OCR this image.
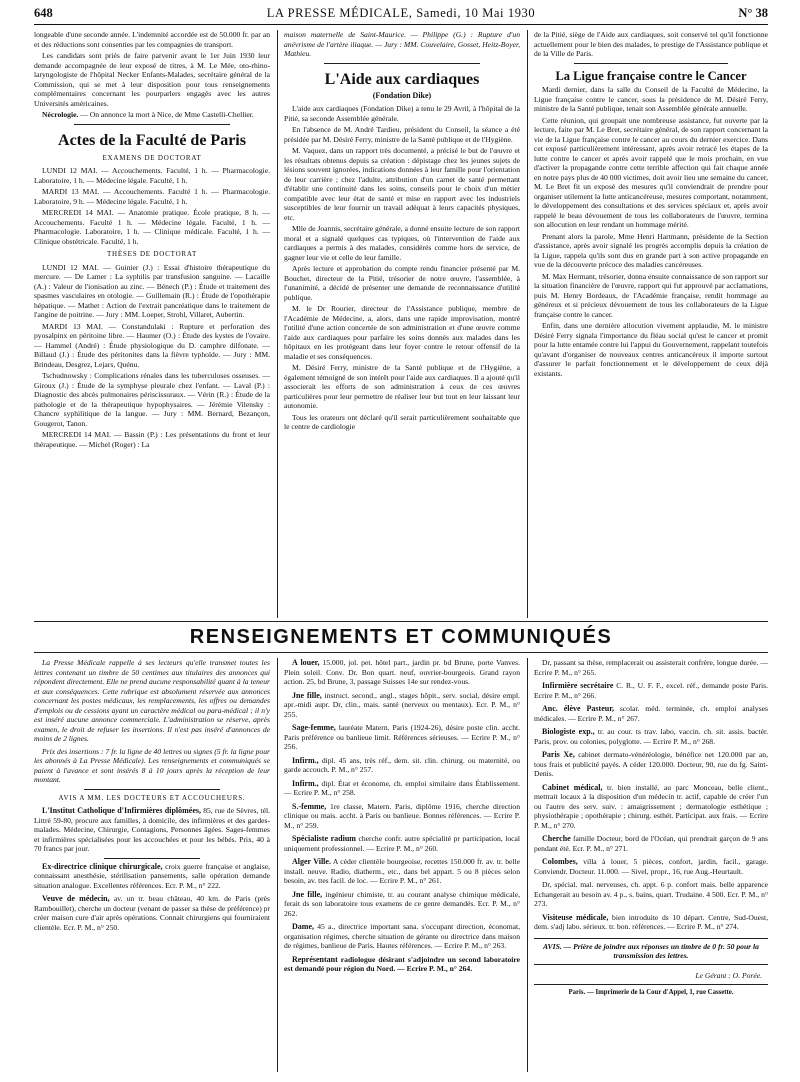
648	LA PRESSE MÉDICALE, Samedi, 10 Mai 1930	N° 38

longeable d'une seconde année. L'indemnité accordée est de 50.000 fr. par an et des réductions sont consenties par les compagnies de transport.

Les candidats sont priés de faire parvenir avant le 1er Juin 1930 leur demande accompagnée de leur exposé de titres, à M. Le Mée, oto-rhino-laryngologiste de l'hôpital Necker Enfants-Malades, secrétaire général de la Commission, qui se met à leur disposition pour tous renseignements complémentaires concernant les pourparlers engagés avec les autres Universités américaines.

Nécrologie. — On annonce la mort à Nice, de Mme Castelli-Chellier.

Actes de la Faculté de Paris
EXAMENS DE DOCTORAT

LUNDI 12 MAI. — Accouchements. Faculté, 1 h. — Pharmacologie. Laboratoire, 1 h. — Médecine légale. Faculté, 1 h.

MARDI 13 MAI. — Accouchements. Faculté 1 h. — Pharmacologie. Laboratoire, 9 h. — Médecine légale. Faculté, 1 h.

MERCREDI 14 MAI. — Anatomie pratique. École pratique, 8 h. — Accouchements. Faculté 1 h. — Médecine légale. Faculté, 1 h. — Pharmacologie. Laboratoire, 1 h. — Clinique médicale. Faculté, 1 h. — Clinique obstétricale. Faculté, 1 h.

THÈSES DE DOCTORAT

LUNDI 12 MAI. — Guinier (J.) : Essai d'histoire thérapeutique du mercure. — De Lamer : La syphilis par transfusion sanguine. — Lacaille (A.) : Valeur de l'ionisation au zinc. — Bénech (P.) : Étude et traitement des spasmes vasculaires en otologie. — Guillemain (R.) : Étude de l'opothérapie hépatique. — Mathet : Action de l'extrait pancréatique dans le traitement de l'angine de poitrine. — Jury : MM. Loeper, Strohl, Villaret, Aubertin.

MARDI 13 MAI. — Constandulaki : Rupture et perforation des pyosalpinx en péritoine libre. — Haumer (O.) : Étude des kystes de l'ovaire. — Hammel (André) : Étude physiologique du D. camphre dilfonate. — Billaud (J.) : Étude des péritonites dans la fièvre typhoïde. — Jury : MM. Brindeau, Desgrez, Lejars, Quénu.

Tschudnowsky : Complications rénales dans les tuberculoses osseuses. — Giroux (J.) : Étude de la symphyse pleurale chez l'enfant. — Laval (P.) : Diagnostic des abcès pulmonaires périscissuraux. — Vérin (R.) : Étude de la pathologie et de la thérapeutique hypophysaires. — Jérémie Vilensky : Chancre syphilitique de la langue. — Jury : MM. Bernard, Bezançon, Gougerot, Tanon.

MERCREDI 14 MAI. — Bassin (P.) : Les présentations du front et leur thérapeutique. — Michel (Roger) : La

maison maternelle de Saint-Maurice. — Philippe (G.) : Rupture d'un anévrisme de l'artère iliaque. — Jury : MM. Couvelaire, Gosset, Heitz-Boyer, Mathieu.

L'Aide aux cardiaques
(Fondation Dike)

L'aide aux cardiaques (Fondation Dike) a tenu le 29 Avril, à l'hôpital de la Pitié, sa seconde Assemblée générale.

En l'absence de M. André Tardieu, président du Conseil, la séance a été présidée par M. Désiré Ferry, ministre de la Santé publique et de l'Hygiène.

M. Vaquez, dans un rapport très documenté, a précisé le but de l'œuvre et les résultats obtenus depuis sa création : dépistage chez les jeunes sujets de lésions souvent ignorées, indications données à leur famille pour l'orientation de leur carrière ; chez l'adulte, attribution d'un carnet de santé permettant d'établir une continuité dans les soins, conseils pour le choix d'un métier compatible avec leur état de santé et mise en rapport avec les industriels susceptibles de leur fournir un travail adéquat à leurs capacités physiques, etc.

Mlle de Joannis, secrétaire générale, a donné ensuite lecture de son rapport moral et a signalé quelques cas typiques, où l'intervention de l'aide aux cardiaques a permis à des malades, considérés comme hors de service, de gagner leur vie et celle de leur famille.

Après lecture et approbation du compte rendu financier présenté par M. Bouchet, directeur de la Pitié, trésorier de notre œuvre, l'assemblée, à l'unanimité, a décidé de présenter une demande de reconnaissance d'utilité publique.

M. le Dr Rourier, directeur de l'Assistance publique, membre de l'Académie de Médecine, a, alors, dans une rapide improvisation, montré l'utilité d'une action concertée de son administration et d'une œuvre comme l'aide aux cardiaques pour parfaire les soins donnés aux malades dans les hôpitaux en les protégeant dans leur foyer contre le retour offensif de la maladie et ses conséquences.

M. Désiré Ferry, ministre de la Santé publique et de l'Hygiène, a également témoigné de son intérêt pour l'aide aux cardiaques. Il a ajouté qu'il associerait les efforts de son administration à ceux de ces œuvres particulières pour leur permettre de réaliser leur but tout en leur laissant leur autonomie.

Tous les orateurs ont déclaré qu'il serait particulièrement souhaitable que le centre de cardiologie

de la Pitié, siège de l'Aide aux cardiaques, soit conservé tel qu'il fonctionne actuellement pour le bien des malades, le prestige de l'Assistance publique et de la Ville de Paris.

La Ligue française contre le Cancer

Mardi dernier, dans la salle du Conseil de la Faculté de Médecine, la Ligue française contre le cancer, sous la présidence de M. Désiré Ferry, ministre de la Santé publique, tenait son Assemblée générale annuelle.

Cette réunion, qui groupait une nombreuse assistance, fut ouverte par la lecture, faite par M. Le Bret, secrétaire général, de son rapport concernant la vie de la Ligue française contre le cancer au cours du dernier exercice. Dans cet exposé particulièrement intéressant, après avoir retracé les étapes de la lutte contre le cancer et après avoir rappelé que le mois prochain, en vue d'activer la propagande contre cette terrible affection qui fait chaque année en notre pays plus de 40 000 victimes, doit avoir lieu une semaine du cancer, M. Le Bret fit un exposé des mesures qu'il conviendrait de prendre pour organiser utilement la lutte anticancéreuse, mesures comportant, notamment, le développement des consultations et des services spéciaux et, après avoir rappelé le beau dévouement de tous les collaborateurs de l'œuvre, termina son allocution en leur rendant un hommage mérité.

Prenant alors la parole, Mme Henri Hartmann, présidente de la Section d'assistance, après avoir signalé les progrès accomplis depuis la création de la Ligue, rappela qu'ils sont dus en grande part à son active propagande en vue de la découverte précoce des maladies cancéreuses.

M. Max Hermant, trésorier, donna ensuite connaissance de son rapport sur la situation financière de l'œuvre, rapport qui fut approuvé par acclamations, puis M. Henry Bordeaux, de l'Académie française, rendit hommage au généreux et si précieux dévouement de tous les collaborateurs de la Ligue française contre le cancer.

Enfin, dans une dernière allocution vivement applaudie, M. le ministre Désiré Ferry signala l'importance du fléau social qu'est le cancer et promit pour la lutte entamée contre lui l'appui du Gouvernement, rappelant toutefois qu'avant d'organiser de nouveaux centres anticancéreux il importe surtout d'assurer le parfait fonctionnement et le développement de ceux déjà existants.

RENSEIGNEMENTS ET COMMUNIQUÉS

La Presse Médicale rappelle à ses lecteurs qu'elle transmet toutes les lettres contenant un timbre de 50 centimes aux titulaires des annonces qui répondent directement. Elle ne prend aucune responsabilité quant à la teneur et aux conséquences. Cette rubrique est absolument réservée aux annonces concernant les postes médicaux, les remplacements, les offres ou demandes d'emplois ou de cessions ayant un caractère médical ou para-médical ; il n'y est inséré aucune annonce commerciale. L'administration se réserve, après examen, le droit de refuser les insertions. Il n'est pas inséré d'annonces de moins de 2 lignes.

Prix des insertions : 7 fr. la ligne de 40 lettres ou signes (5 fr. la ligne pour les abonnés à La Presse Médicale). Les renseignements et communiqués se paient à l'avance et sont insérés 8 à 10 jours après la réception de leur montant.

AVIS A MM. LES DOCTEURS ET ACCOUCHEURS.

L'Institut Catholique d'Infirmières diplômées, 85, rue de Sèvres, tél. Littré 59-80, procure aux familles, à domicile, des infirmières et des gardes-malades. Médecine, Chirurgie, Contagions, Personnes âgées. Sages-femmes et infirmières spécialisées pour les accouchées et pour les bébés. Prix, 40 à 70 francs par jour.

Ex-directrice clinique chirurgicale, croix guerre française et anglaise, connaissant anesthésie, stérilisation pansements, salle opération demande situation analogue. Excellentes références. Ecr. P. M., n° 222.

Veuve de médecin, av. un tr. beau château, 40 km. de Paris (près Rambouillet), cherche un docteur (venant de passer sa thèse de préférence) pr créer maison cure d'air après opérations. Connait chirurgiens qui fourniraient clientèle. Ecr. P. M., n° 250.

A louer, 15.000, jol. pet. hôtel part., jardin pr. bd Brune, porte Vanves. Plein soleil. Conv. Dr. Bon quart. neuf, ouvrier-bourgeois. Grand rayon action. 25, bd Brune, 3, passage Suisses 14e sur rendez-vous.

Jne fille, instruct. second., angl., stages hôpit., serv. social, désire empl. apr.-midi aupr. Dr, clin., mais. santé (nerveux ou mentaux). Ecr. P. M., n° 255.

Sage-femme, lauréate Matern. Paris (1924-26), désire poste clin. accht. Paris préférence ou banlieue limit. Références sérieuses. — Ecrire P. M., n° 256.

Infirm., dipl. 45 ans, très réf., dem. sit. clin. chirurg. ou maternité, ou garde accouch. P. M., n° 257.

Infirm., dipl. État et économe, ch. emploi similaire dans Établissement. — Ecrire P. M., n° 258.

S.-femme, 1re classe, Matern. Paris, diplôme 1916, cherche direction clinique ou mais. accht. à Paris ou banlieue. Bonnes références. — Ecrire P. M., n° 259.

Spécialiste radium cherche confr. autre spécialité pr participation, local uniquement professionnel. — Ecrire P. M., n° 260.

Alger Ville. A céder clientèle bourgeoise, recettes 150.000 fr. av. tr. belle install. neuve. Radio, diatherm., etc., dans bel appart. 5 ou 8 pièces selon besoin, av. ttes facil. de loc. — Ecrire P. M., n° 261.

Jne fille, ingénieur chimiste, tr. au courant analyse chimique médicale, ferait ds son laboratoire tous examens de ce genre demandés. Ecr. P. M., n° 262.

Dame, 45 a., directrice important sana. s'occupant direction, économat, organisation régimes, cherche situation de gérante ou directrice dans maison de régimes, banlieue de Paris. Hautes références. — Ecrire P. M., n° 263.

Représentant radiologue désirant s'adjoindre un second laboratoire est demandé pour région du Nord. — Ecrire P. M., n° 264.

Dr, passant sa thèse, remplacerait ou assisterait confrère, longue durée. — Ecrire P. M., n° 265.

Infirmière secrétaire C. R., U. F. F., excel. réf., demande poste Paris. Ecrire P. M., n° 266.

Anc. élève Pasteur, scolar. méd. terminée, ch. emploi analyses médicales. — Ecrire P. M., n° 267.

Biologiste exp., tr. au cour. ts trav. labo, vaccin. ch. sit. assis. bactér. Paris, prov. ou colonies, polyglotte. — Ecrire P. M., n° 268.

Paris Xe, cabinet dermato-vénéréologie, bénéfice net 120.000 par an, tous frais et publicité payés. A céder 120.000. Docteur, 90, rue du fg. Saint-Denis.

Cabinet médical, tr. bien installé, au parc Monceau, belle client., mettrait locaux à la disposition d'un médecin tr. actif, capable de créer l'un ou l'autre des serv. suiv. : amaigrissement ; dermatologie esthétique ; physiothérapie ; opothérapie ; chirurg. esthét. Participat. aux frais. — Ecrire P. M., n° 270.

Cherche famille Docteur, bord de l'Océan, qui prendrait garçon de 9 ans pendant été. Ecr. P. M., n° 271.

Colombes, villa à louer, 5 pièces, confort, jardin, facil., garage. Conviendr. Docteur. 11.000. — Sivel, propr., 16, rue Aug.-Heurtault.

Dr, spécial. mal. nerveuses, ch. appt. 6 p. confort mais. belle apparence Echangerait au besoin av. 4 p., s. bains, quart. Trudaine. 4 500. Ecr. P. M., n° 273.

Visiteuse médicale, bien introduite ds 10 départ. Centre, Sud-Ouest, dem. s'adj labo. sérieux. tr. bon. références. — Ecrire P. M., n° 274.

AVIS. — Prière de joindre aux réponses un timbre de 0 fr. 50 pour la transmission des lettres.
Le Gérant : O. Porée.
Paris. — Imprimerie de la Cour d'Appel, 1, rue Cassette.
